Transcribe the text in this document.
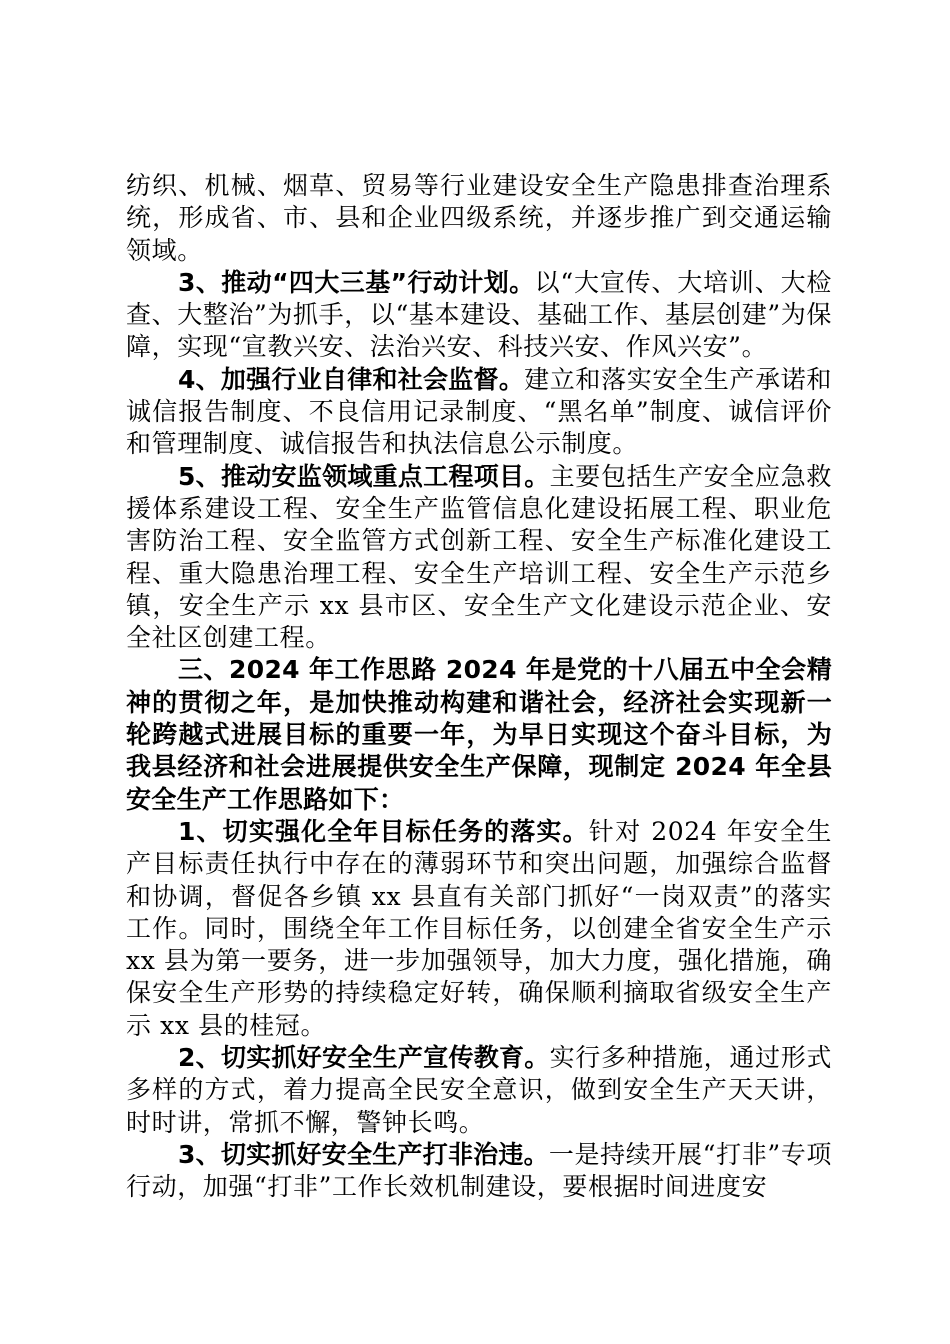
纺织、机械、烟草、贸易等行业建设安全生产隐患排查治理系统，形成省、市、县和企业四级系统，并逐步推广到交通运输领域。

3、推动“四大三基”行动计划。以“大宣传、大培训、大检查、大整治”为抓手，以“基本建设、基础工作、基层创建”为保障，实现“宣教兴安、法治兴安、科技兴安、作风兴安”。

4、加强行业自律和社会监督。建立和落实安全生产承诺和诚信报告制度、不良信用记录制度、“黑名单”制度、诚信评价和管理制度、诚信报告和执法信息公示制度。

5、推动安监领域重点工程项目。主要包括生产安全应急救援体系建设工程、安全生产监管信息化建设拓展工程、职业危害防治工程、安全监管方式创新工程、安全生产标准化建设工程、重大隐患治理工程、安全生产培训工程、安全生产示范乡镇，安全生产示 xx 县市区、安全生产文化建设示范企业、安全社区创建工程。

三、2024 年工作思路 2024 年是党的十八届五中全会精神的贯彻之年，是加快推动构建和谐社会，经济社会实现新一轮跨越式进展目标的重要一年，为早日实现这个奋斗目标，为我县经济和社会进展提供安全生产保障，现制定 2024 年全县安全生产工作思路如下：

1、切实强化全年目标任务的落实。针对 2024 年安全生产目标责任执行中存在的薄弱环节和突出问题，加强综合监督和协调，督促各乡镇 xx 县直有关部门抓好“一岗双责”的落实工作。同时，围绕全年工作目标任务，以创建全省安全生产示 xx 县为第一要务，进一步加强领导，加大力度，强化措施，确保安全生产形势的持续稳定好转，确保顺利摘取省级安全生产示 xx 县的桂冠。

2、切实抓好安全生产宣传教育。实行多种措施，通过形式多样的方式，着力提高全民安全意识，做到安全生产天天讲，时时讲，常抓不懈，警钟长鸣。

3、切实抓好安全生产打非治违。一是持续开展“打非”专项行动，加强“打非”工作长效机制建设，要根据时间进度安
